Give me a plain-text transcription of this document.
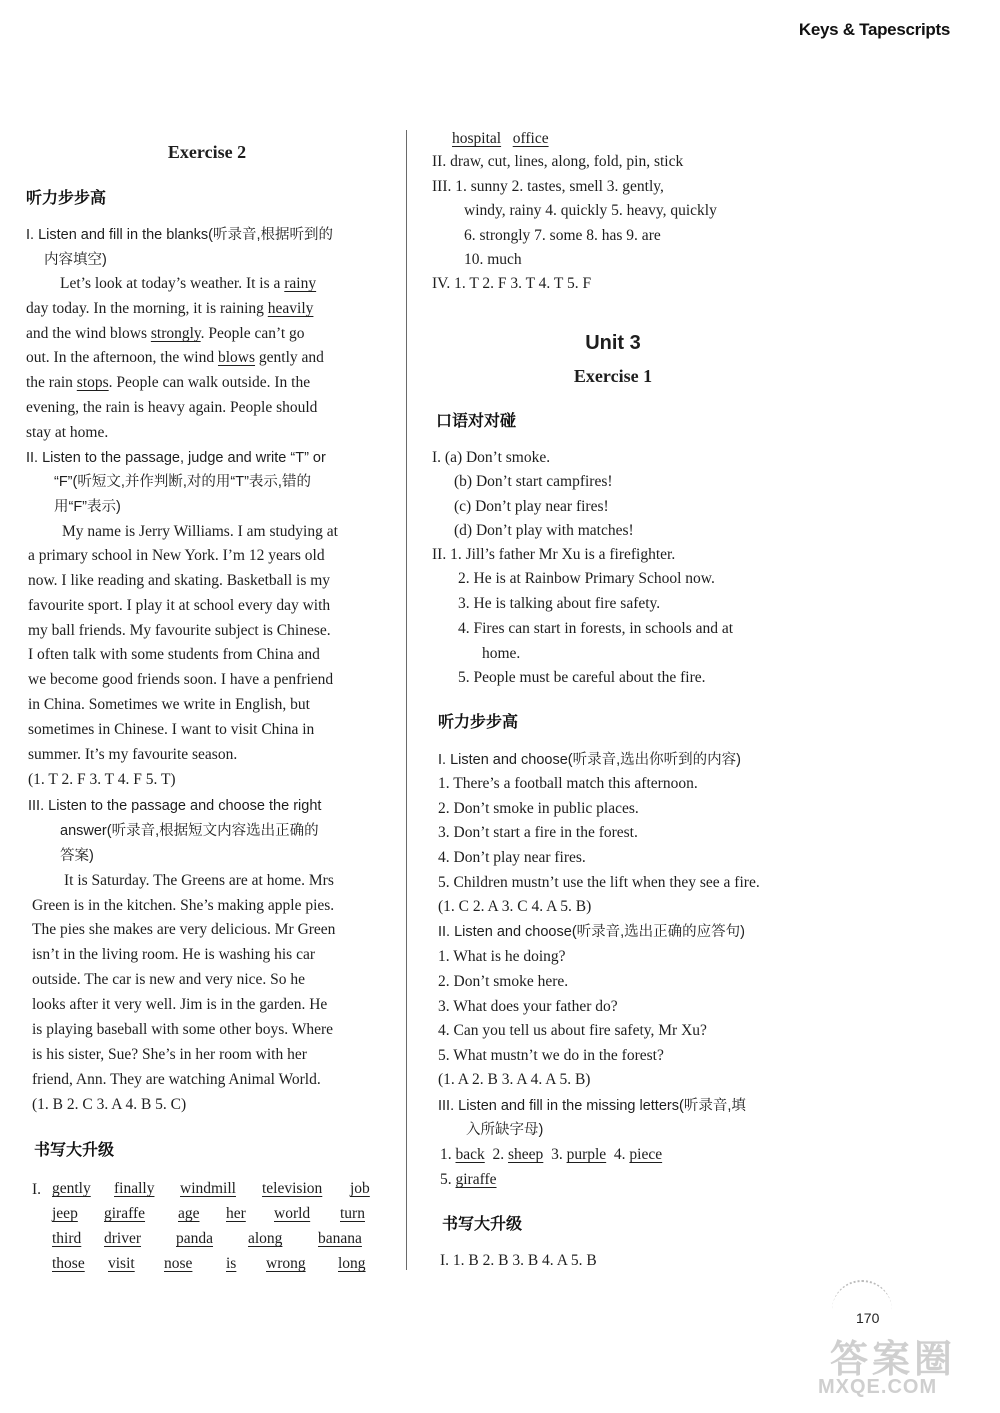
Keys & Tapescripts
Exercise 2
听力步步高
I. Listen and fill in the blanks(听录音,根据听到的
内容填空)
Let’s look at today’s weather. It is a rainy
day today. In the morning, it is raining heavily
and the wind blows strongly. People can’t go
out. In the afternoon, the wind blows gently and
the rain stops. People can walk outside. In the
evening, the rain is heavy again. People should
stay at home.
II. Listen to the passage, judge and write “T” or
“F”(听短文,并作判断,对的用“T”表示,错的
用“F”表示)
My name is Jerry Williams. I am studying at
a primary school in New York. I’m 12 years old
now. I like reading and skating. Basketball is my
favourite sport. I play it at school every day with
my ball friends. My favourite subject is Chinese.
I often talk with some students from China and
we become good friends soon. I have a penfriend
in China. Sometimes we write in English, but
sometimes in Chinese. I want to visit China in
summer. It’s my favourite season.
(1. T 2. F 3. T 4. F 5. T)
III. Listen to the passage and choose the right
answer(听录音,根据短文内容选出正确的
答案)
It is Saturday. The Greens are at home. Mrs
Green is in the kitchen. She’s making apple pies.
The pies she makes are very delicious. Mr Green
isn’t in the living room. He is washing his car
outside. The car is new and very nice. So he
looks after it very well. Jim is in the garden. He
is playing baseball with some other boys. Where
is his sister, Sue? She’s in her room with her
friend, Ann. They are watching Animal World.
(1. B 2. C 3. A 4. B 5. C)
书写大升级
I. gently finally windmill television job
jeep giraffe age her world turn
third driver panda along banana
those visit nose is wrong long
hospital office
II. draw, cut, lines, along, fold, pin, stick
III. 1. sunny 2. tastes, smell 3. gently,
windy, rainy 4. quickly 5. heavy, quickly
6. strongly 7. some 8. has 9. are
10. much
IV. 1. T 2. F 3. T 4. T 5. F
Unit 3
Exercise 1
口语对对碰
I. (a) Don’t smoke.
(b) Don’t start campfires!
(c) Don’t play near fires!
(d) Don’t play with matches!
II. 1. Jill’s father Mr Xu is a firefighter.
2. He is at Rainbow Primary School now.
3. He is talking about fire safety.
4. Fires can start in forests, in schools and at
home.
5. People must be careful about the fire.
听力步步高
I. Listen and choose(听录音,选出你听到的内容)
1. There’s a football match this afternoon.
2. Don’t smoke in public places.
3. Don’t start a fire in the forest.
4. Don’t play near fires.
5. Children mustn’t use the lift when they see a fire.
(1. C 2. A 3. C 4. A 5. B)
II. Listen and choose(听录音,选出正确的应答句)
1. What is he doing?
2. Don’t smoke here.
3. What does your father do?
4. Can you tell us about fire safety, Mr Xu?
5. What mustn’t we do in the forest?
(1. A 2. B 3. A 4. A 5. B)
III. Listen and fill in the missing letters(听录音,填
入所缺字母)
1. back 2. sheep 3. purple 4. piece
5. giraffe
书写大升级
I. 1. B 2. B 3. B 4. A 5. B
170
答案圈
MXQE.COM
